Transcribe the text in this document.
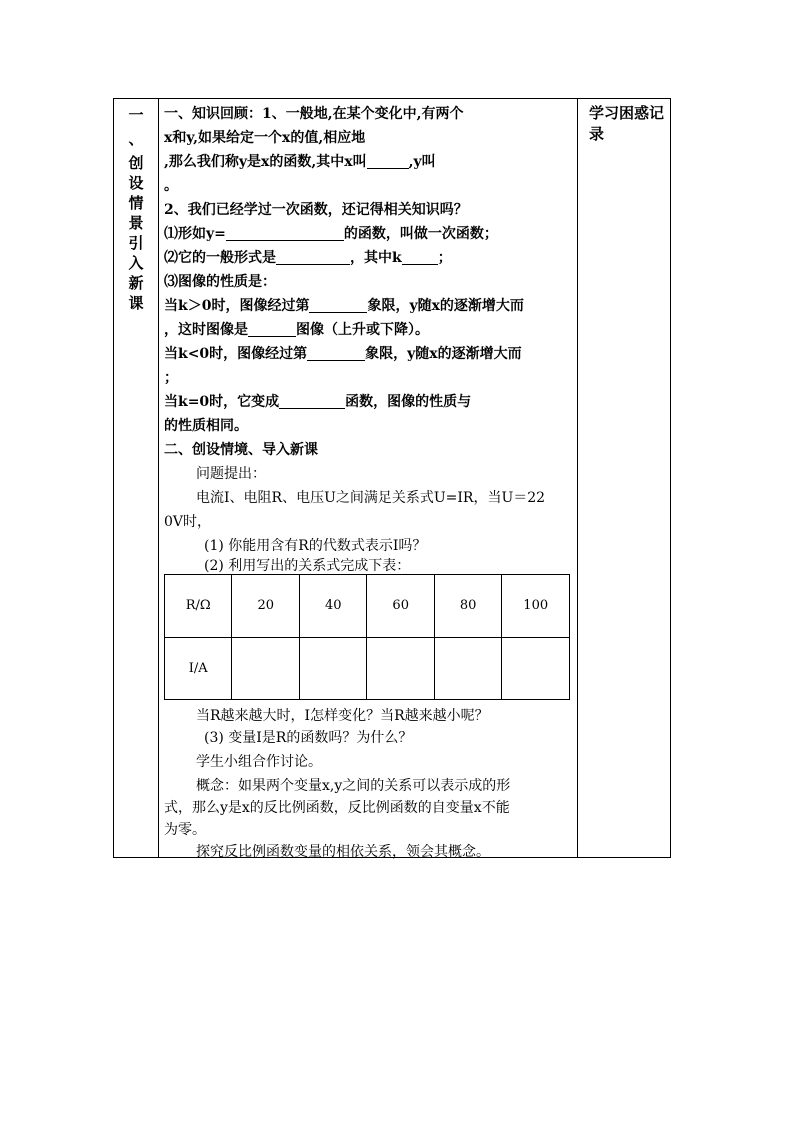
一
、
创
设
情
景
引
入
新
课
学习困惑记
录
一、知识回顾：1、一般地,在某个变化中,有两个
x和y,如果给定一个x的值,相应地
,那么我们称y是x的函数,其中x叫	,y叫
。
2、我们已经学过一次函数，还记得相关知识吗？
⑴形如y=	的函数，叫做一次函数；
⑵它的一般形式是	，其中k	；
⑶图像的性质是：
当k＞0时，图像经过第	象限，y随x的逐渐增大而
，这时图像是	图像（上升或下降）。
当k<0时，图像经过第	象限，y随x的逐渐增大而
；
当k=0时，它变成	函数，图像的性质与
的性质相同。
二、创设情境、导入新课
问题提出：
电流I、电阻R、电压U之间满足关系式U=IR，当U＝22
0V时，
(1) 你能用含有R的代数式表示I吗？
(2) 利用写出的关系式完成下表：
当R越来越大时，I怎样变化？当R越来越小呢？
(3) 变量I是R的函数吗？为什么？
学生小组合作讨论。
概念：如果两个变量x,y之间的关系可以表示成的形
式，那么y是x的反比例函数，反比例函数的自变量x不能
为零。
探究反比例函数变量的相依关系，领会其概念。
R/Ω	20	40	60	80	100
I/A					
